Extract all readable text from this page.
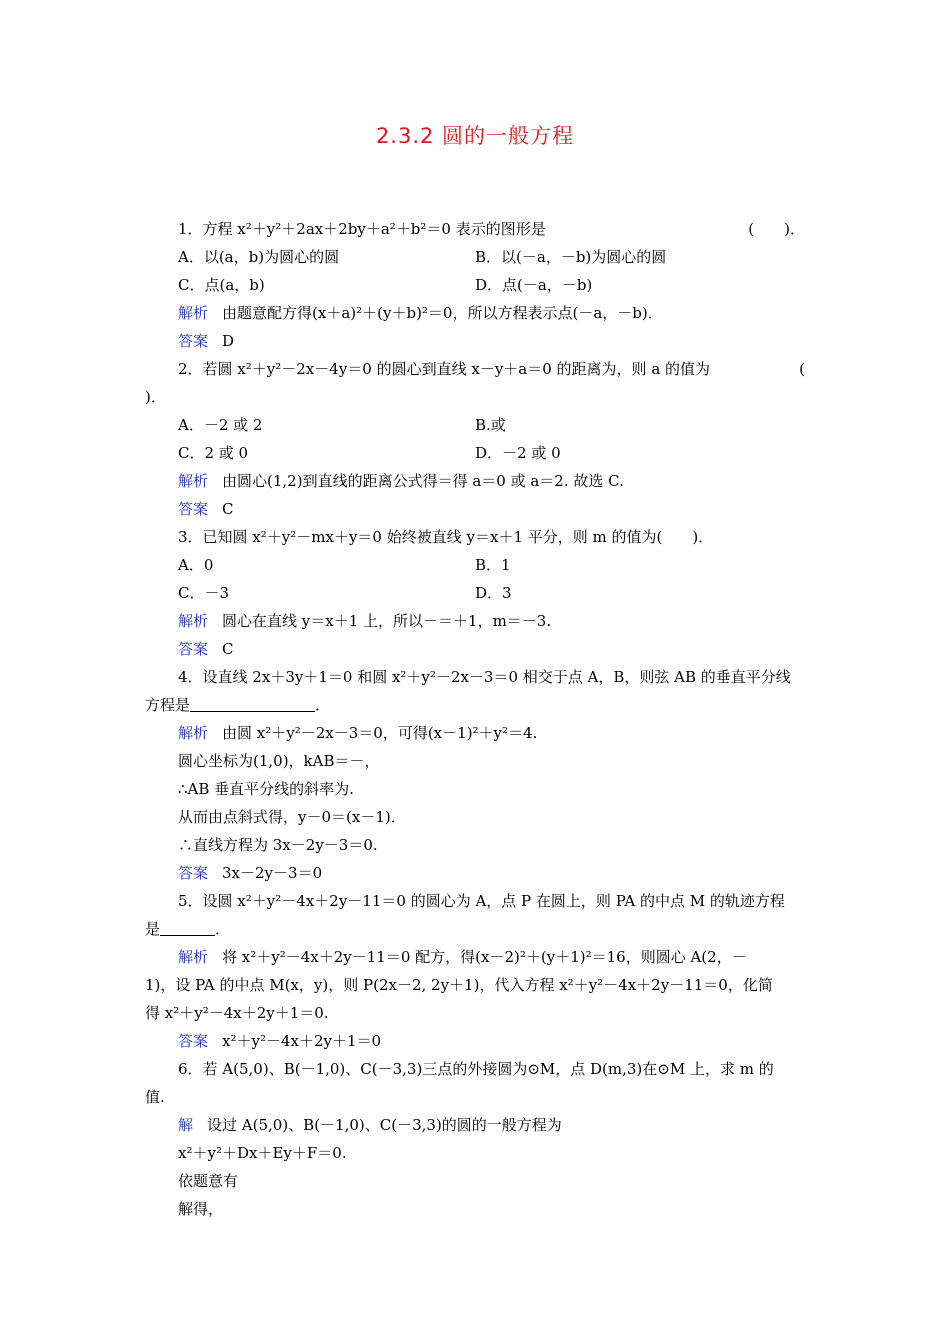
2.3.2 圆的一般方程
1．方程 x²＋y²＋2ax＋2by＋a²＋b²＝0 表示的图形是	(　　)．
A．以(a，b)为圆心的圆	B．以(－a，－b)为圆心的圆
C．点(a，b)	D．点(－a，－b)
解析 由题意配方得(x＋a)²＋(y＋b)²＝0，所以方程表示点(－a，－b)．
答案 D
2．若圆 x²＋y²－2x－4y＝0 的圆心到直线 x－y＋a＝0 的距离为，则 a 的值为	(
)．
A．－2 或 2	B.或
C．2 或 0	D．－2 或 0
解析 由圆心(1,2)到直线的距离公式得＝得 a＝0 或 a＝2. 故选 C.
答案 C
3．已知圆 x²＋y²－mx＋y＝0 始终被直线 y＝x＋1 平分，则 m 的值为(　　)．
A．0	B．1
C．－3	D．3
解析 圆心在直线 y＝x＋1 上，所以－＝＋1，m＝－3.
答案 C
4．设直线 2x＋3y＋1＝0 和圆 x²＋y²－2x－3＝0 相交于点 A，B，则弦 AB 的垂直平分线
方程是	．
解析 由圆 x²＋y²－2x－3＝0，可得(x－1)²＋y²＝4.
圆心坐标为(1,0)，kAB＝－，
∴AB 垂直平分线的斜率为.
从而由点斜式得，y－0＝(x－1)．
∴直线方程为 3x－2y－3＝0.
答案 3x－2y－3＝0
5．设圆 x²＋y²－4x＋2y－11＝0 的圆心为 A，点 P 在圆上，则 PA 的中点 M 的轨迹方程
是	．
解析 将 x²＋y²－4x＋2y－11＝0 配方，得(x－2)²＋(y＋1)²＝16，则圆心 A(2，－
1)，设 PA 的中点 M(x，y)，则 P(2x－2, 2y＋1)，代入方程 x²＋y²－4x＋2y－11＝0，化简
得 x²＋y²－4x＋2y＋1＝0.
答案 x²＋y²－4x＋2y＋1＝0
6．若 A(5,0)、B(－1,0)、C(－3,3)三点的外接圆为⊙M，点 D(m,3)在⊙M 上，求 m 的
值.
解 设过 A(5,0)、B(－1,0)、C(－3,3)的圆的一般方程为
x²＋y²＋Dx＋Ey＋F＝0.
依题意有
解得，
